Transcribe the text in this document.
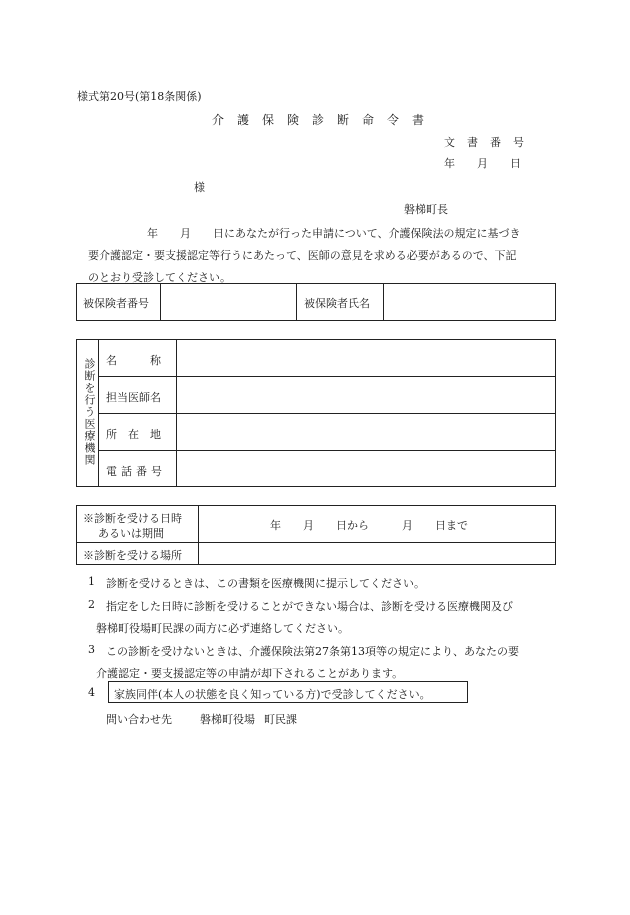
様式第20号(第18条関係)
介護保険診断命令書
文書番号
年　　月　　日
様
磐梯町長
年　　月　　日にあなたが行った申請について、介護保険法の規定に基づき
要介護認定・要支援認定等行うにあたって、医師の意見を求める必要があるので、下記
のとおり受診してください。
被保険者番号	被保険者氏名
診断を行う医療機関 名　　　称
担当医師名
所　在　地
電話番号
※診断を受ける日時
あるいは期間
年　　月　　日から　　　月　　日まで
※診断を受ける場所
1 診断を受けるときは、この書類を医療機関に提示してください。
2 指定をした日時に診断を受けることができない場合は、診断を受ける医療機関及び
磐梯町役場町民課の両方に必ず連絡してください。
3 この診断を受けないときは、介護保険法第27条第13項等の規定により、あなたの要
介護認定・要支援認定等の申請が却下されることがあります。
4 家族同伴(本人の状態を良く知っている方)で受診してください。
問い合わせ先	磐梯町役場 町民課
